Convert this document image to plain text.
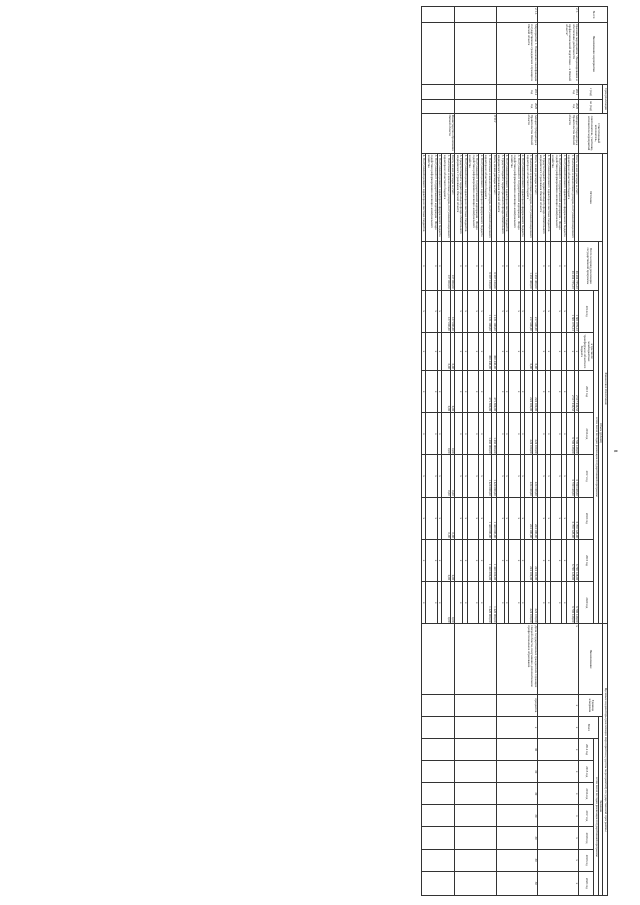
8
№ п/п	Наименование мероприятия	Срок реализации		Ответственный исполнитель, соисполнители, участники, исполнители мероприятий	Финансовое обеспечение										Целевые индикаторы реализации мероприятия (группы мероприятий) государственной программы									
		с (год)	по (год)		Источник	Объем (рублей)									Наименование	Единица измерения	Значения							
						Всего за период реализации государственной программы	в том числе по годам реализации государственной программы										Всего	в том числе по годам реализации государственной программы						
							2014 год	в том числе: межбюджетные трансферты из областного бюджета	2015 год	2016 год	2017 год	2018 год	2019 год	2020 год				2014 год	2015 год	2016 год	2017 год	2018 год	2019 год	2020 год
2.1.	Оказание мероприятия "Лицензирование и обеспечение деятельности профессиональной подготовки ... в Омской области"	2014 год	2020 год	Аппарат Губернатора и Правительства Омской области	Всего, из них расходы за счет:	46 294 735,23	1 601 076,13	x	2 517 919,53	6 700 128,00	6 730 128,00	6 700 128,00	6 700 128,00	6 700 128,00	x	x	x	x	x	x	x	x	x	x
					1. Налоговых и неналоговых доходов, поступлений нецелевого характера из областного бюджета	46 294 735,23	1 601 076,13	x	2 517 919,53	6 700 128,00	6 730 128,00	6 700 128,00	6 700 128,00	6 700 128,00										
					2. Поступлений целевого характера из федерального бюджета	x	x	x	x	x	x	x	x	x										
					3. Поступлений от государственной корпорации - Фонда содействия реформированию жилищно-коммунального хозяйства	x	x	x	x	x	x	x	x	x										
					4. Поступлений целевого характера из местных бюджетов	x	x	x	x	x	x	x	x	x										
					5. Средств бюджета территориального фонда обязательного медицинского страхования Омской области	x	x	x	x	x	x	x	x	x										
2.1.1.	Мероприятие 1. Повышение квалификации государственных гражданских служащих в Омской области	2014 год	2020 год	Аппарат Губернатора и Правительства Омской области	Всего, из них расходы за счет:	1 261 400,00	217 600,00	0,00	224 100,00	224 100,00	224 100,00	224 100,00	224 100,00	224 100,00	Доля государственных гражданских служащих Омской области, получивших дополнительное профессиональное образование	процентов	x	30	30	30	30	30	30	30
					1. Налоговых и неналоговых доходов, поступлений нецелевого характера из областного бюджета	1 261 400,00	217 600,00	0,00	224 100,00	224 100,00	224 100,00	224 100,00	224 100,00	224 100,00										
					2. Поступлений целевого характера из федерального бюджета	x	x	x	x	x	x	x	x	x										
					3. Поступлений от государственной корпорации - Фонда содействия реформированию жилищно-коммунального хозяйства	x	x	x	x	x	x	x	x	x										
					4. Поступлений целевого характера из местных бюджетов	x	x	x	x	x	x	x	x	x										
					5. Средств бюджета территориального фонда обязательного медицинского страхования Омской области	x	x	x	x	x	x	x	x	x										
				ГГПУ	Всего, из них расходы за счет:	9 587 100,00	1 131 100,00	300 440,00	471 300,00	1 465 000,00	1 420 000,00	1 420 000,00	1 420 000,00	1 420 000,00										
					1. Налоговых и неналоговых доходов, поступлений нецелевого характера из областного бюджета	9 587 100,00	1 131 100,00	300 440,00	471 300,00	1 465 000,00	1 420 000,00	1 420 000,00	1 420 000,00	1 420 000,00										
					2. Поступлений целевого характера из федерального бюджета	x	x	x	x	x	x	x	x	x										
					3. Поступлений от государственной корпорации - Фонда содействия реформированию жилищно-коммунального хозяйства	x	x	x	x	x	x	x	x	x										
					4. Поступлений целевого характера из местных бюджетов	x	x	x	x	x	x	x	x	x										
					5. Средств бюджета территориального фонда обязательного медицинского страхования Омской области	x	x	x	x	x	x	x	x	x										
				Министерство образования Омской области	Всего, из них расходы за счет:	137 000,00	137 000,00	0,00	0,00	0,00	0,00	0,00	0,00	0,00										
					1. Налоговых и неналоговых доходов, поступлений нецелевого характера из областного бюджета	137 000,00	137 000,00	0,00	0,00	0,00	0,00	0,00	0,00	0,00										
					2. Поступлений целевого характера из федерального бюджета	x	x	x	x	x	x	x	x	x										
					3. Поступлений от государственной корпорации - Фонда содействия реформированию жилищно-коммунального хозяйства	x	x	x	x	x	x	x	x	x										
					4. Поступлений целевого характера из местных бюджетов	x	x	x	x	x	x	x	x	x										
